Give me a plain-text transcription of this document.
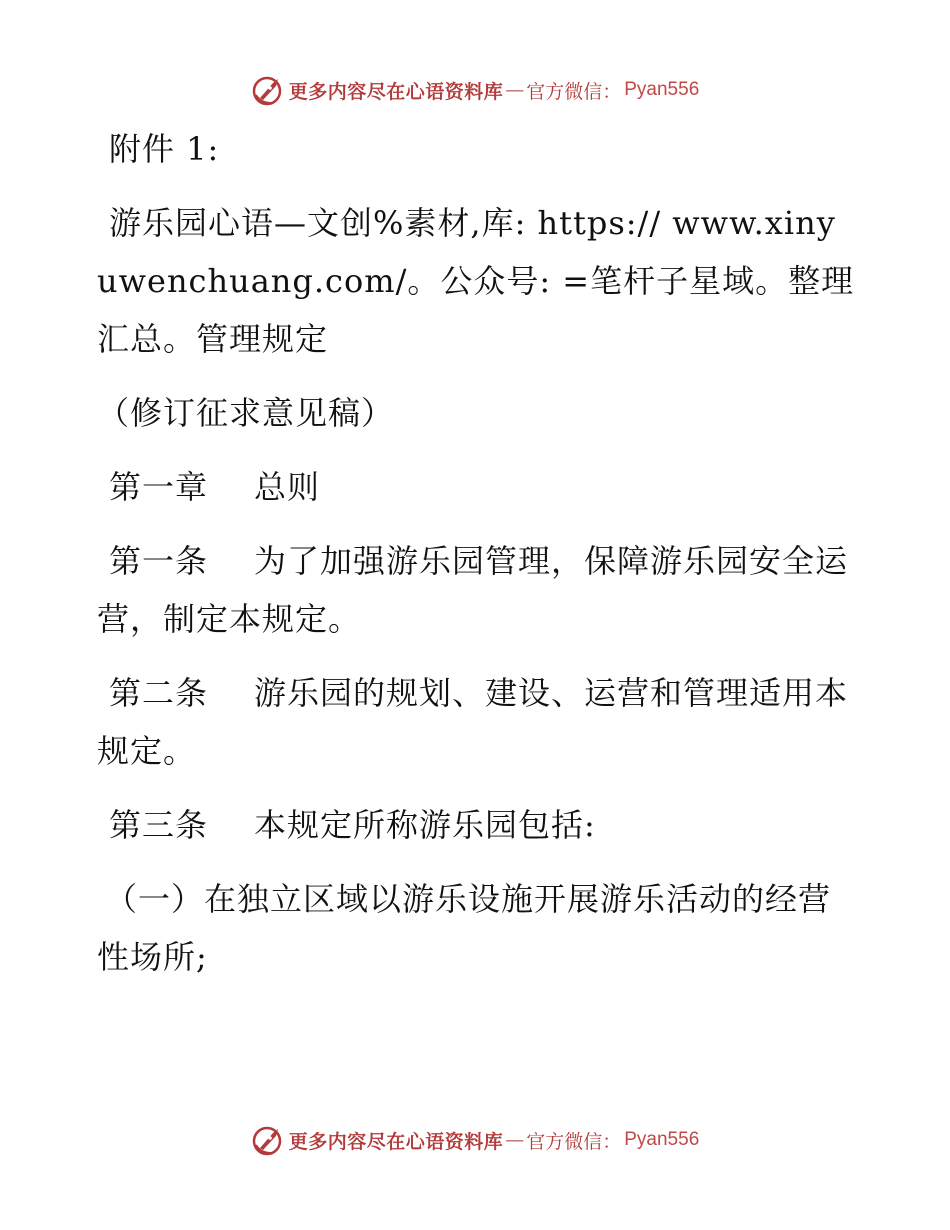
更多内容尽在心语资料库 — 官方微信： Pyan556
附件 1:
游乐园心语—文创%素材,库: https:// www.xinyuwenchuang.com/。公众号: =笔杆子星域。整理汇总。管理规定
（修订征求意见稿）
第一章 总则
第一条 为了加强游乐园管理，保障游乐园安全运营，制定本规定。
第二条 游乐园的规划、建设、运营和管理适用本规定。
第三条 本规定所称游乐园包括:
（一）在独立区域以游乐设施开展游乐活动的经营性场所;
更多内容尽在心语资料库 — 官方微信： Pyan556
